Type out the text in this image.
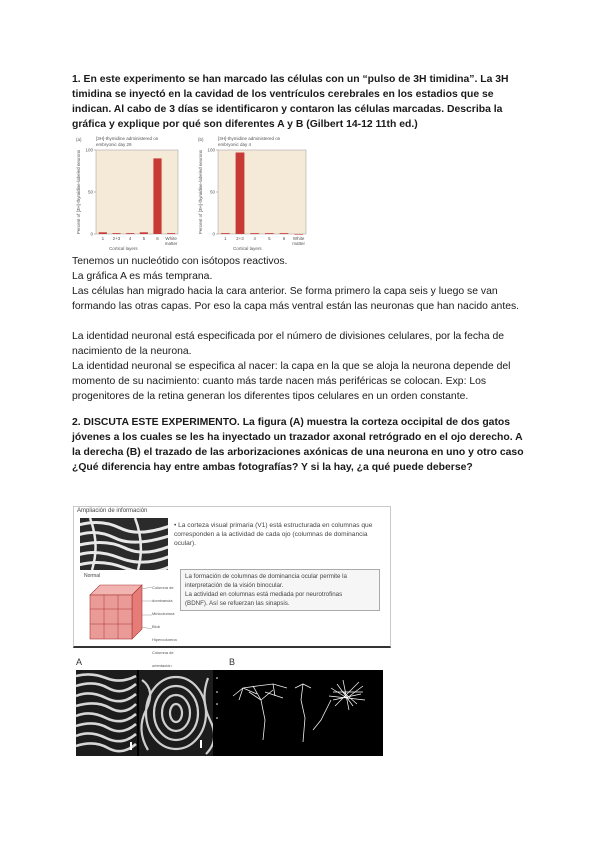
1. En este experimento se han marcado las células con un “pulso de 3H timidina”. La 3H timidina se inyectó en la cavidad de los ventrículos cerebrales en los estadios que se indican. Al cabo de 3 días se identificaron y contaron las células marcadas. Describa la gráfica y explique por qué son diferentes A y B (Gilbert 14-12 11th ed.)

(a)	[3H]-thymidine administered on
embryonic day 29
100
50
0
Percent of [3H]-thymidine-labeled neurons
1 2+3 4 5 6 White
matter
Cortical layers
(b)	[3H]-thymidine administered on
embryonic day 4
100
50
0
Percent of [3H]-thymidine-labeled neurons
1 2+3 4	5	6 White
matter
Cortical layers

Tenemos un nucleótido con isótopos reactivos.

La gráfica A es más temprana.

Las células han migrado hacia la cara anterior. Se forma primero la capa seis y luego se van formando las otras capas. Por eso la capa más ventral están las neuronas que han nacido antes.

La identidad neuronal está especificada por el número de divisiones celulares, por la fecha de nacimiento de la neurona.

La identidad neuronal se especifica al nacer: la capa en la que se aloja la neurona depende del momento de su nacimiento: cuanto más tarde nacen más periféricas se colocan. Exp: Los progenitores de la retina generan los diferentes tipos celulares en un orden constante.

2. DISCUTA ESTE EXPERIMENTO. La figura (A) muestra la corteza occipital de dos gatos jóvenes a los cuales se les ha inyectado un trazador axonal retrógrado en el ojo derecho. A la derecha (B) el trazado de las arborizaciones axónicas de una neurona en uno y otro caso ¿Qué diferencia hay entre ambas fotografías? Y si la hay, ¿a qué puede deberse?

Ampliación de información
• La corteza visual primaria (V1) está estructurada en columnas que corresponden a la actividad de cada ojo (columnas de dominancia ocular).
Normal
Columna de dominancia
Minicolumna
Blob
Hipercolumna
Columna de orientación
La formación de columnas de dominancia ocular permite la
interpretación de la visión binocular.
La actividad en columnas está mediada por neurotrofinas
(BDNF). Así se refuerzan las sinapsis.
A	B
